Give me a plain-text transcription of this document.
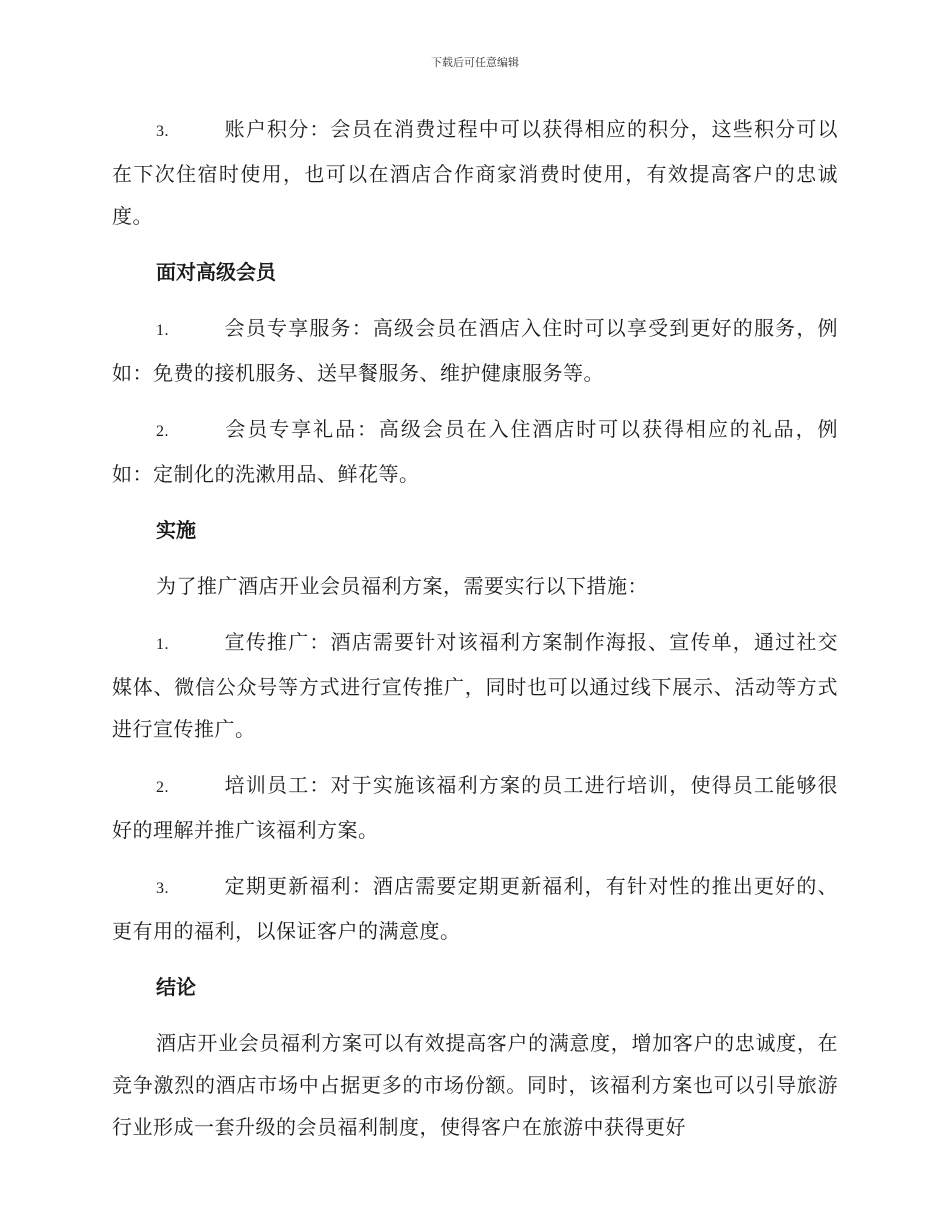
下载后可任意编辑

3.	账户积分：会员在消费过程中可以获得相应的积分，这些积分可以在下次住宿时使用，也可以在酒店合作商家消费时使用，有效提高客户的忠诚度。

面对高级会员

1.	会员专享服务：高级会员在酒店入住时可以享受到更好的服务，例如：免费的接机服务、送早餐服务、维护健康服务等。

2.	会员专享礼品：高级会员在入住酒店时可以获得相应的礼品，例如：定制化的洗漱用品、鲜花等。

实施

为了推广酒店开业会员福利方案，需要实行以下措施：

1.	宣传推广：酒店需要针对该福利方案制作海报、宣传单，通过社交媒体、微信公众号等方式进行宣传推广，同时也可以通过线下展示、活动等方式进行宣传推广。

2.	培训员工：对于实施该福利方案的员工进行培训，使得员工能够很好的理解并推广该福利方案。

3.	定期更新福利：酒店需要定期更新福利，有针对性的推出更好的、更有用的福利，以保证客户的满意度。

结论

酒店开业会员福利方案可以有效提高客户的满意度，增加客户的忠诚度，在竞争激烈的酒店市场中占据更多的市场份额。同时，该福利方案也可以引导旅游行业形成一套升级的会员福利制度，使得客户在旅游中获得更好
